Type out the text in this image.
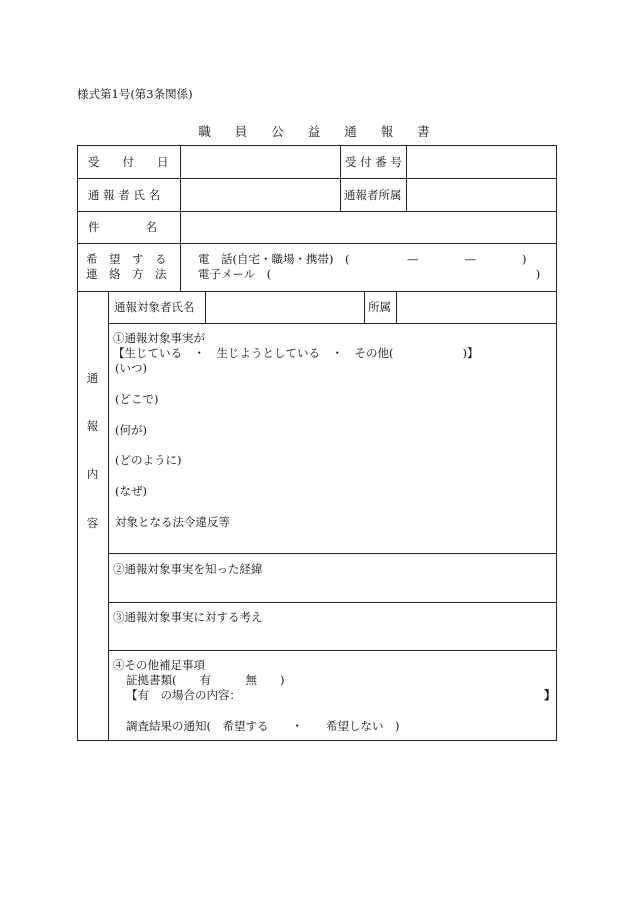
様式第1号(第3条関係)
職 員 公 益 通 報 書
受　　付　　日	受 付 番 号
通 報 者 氏 名	通報者所属
件　　　　名
希　望　す　る
連　絡　方　法
電　話(自宅・職場・携帯)　(　　　　　—　　　　—　　　　)
電子メール　(　　　　　　　　　　　　　　　　　　　　　　　)
通
報
内
容
通報対象者氏名	所属
①通報対象事実が
【生じている　・　生じようとしている　・　その他(　　　　　　)】
(いつ)
(どこで)
(何が)
(どのように)
(なぜ)
対象となる法令違反等
②通報対象事実を知った経緯
③通報対象事実に対する考え
④その他補足事項
証拠書類(　　有　　　無　　)
【有　の場合の内容：	】
調査結果の通知(　希望する　　・　　希望しない　)
